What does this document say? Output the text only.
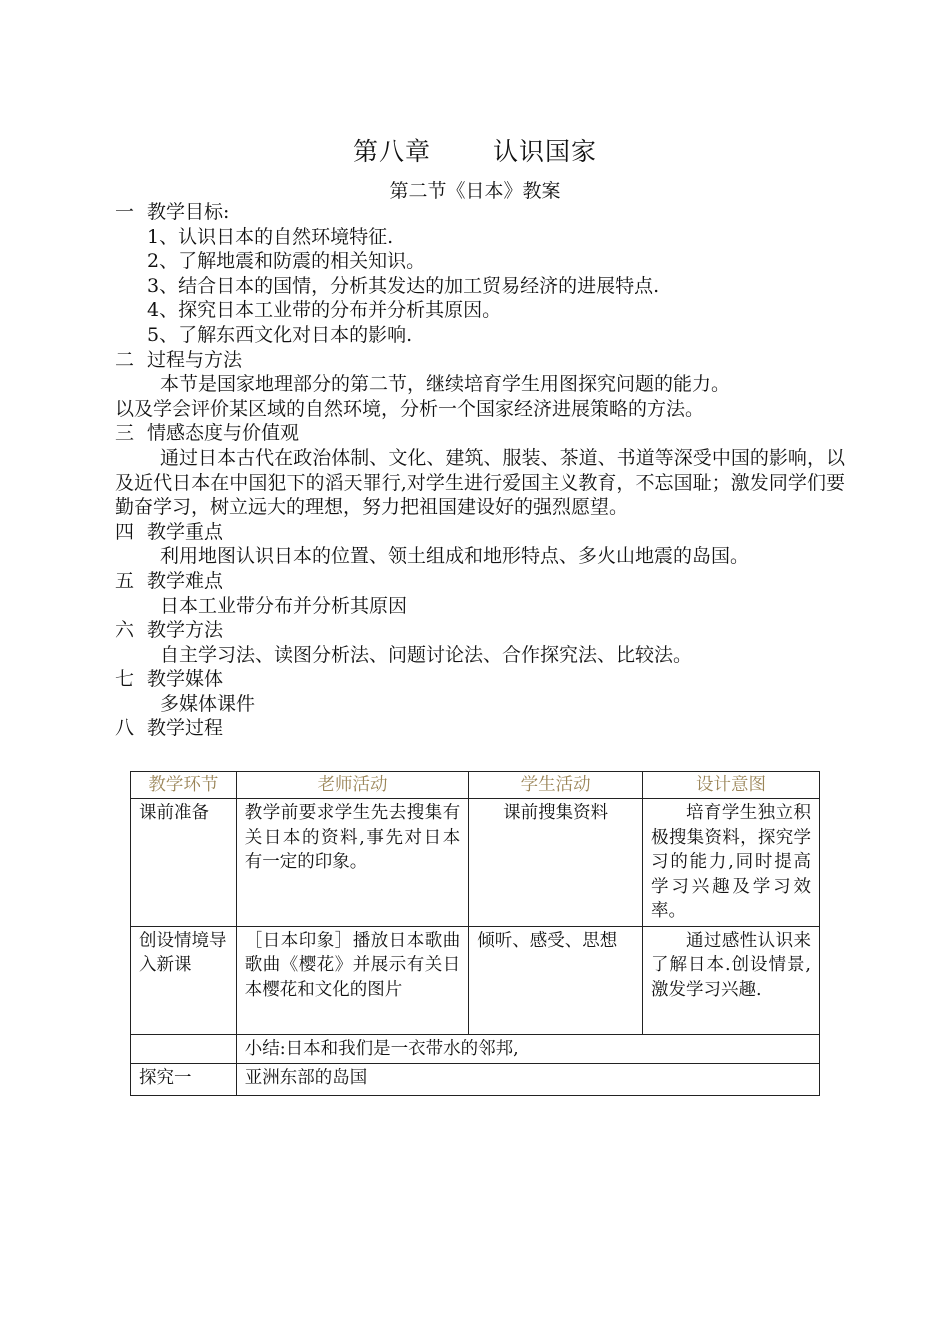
第八章 认识国家
第二节《日本》教案

一 教学目标:

1、认识日本的自然环境特征.

2、了解地震和防震的相关知识。

3、结合日本的国情，分析其发达的加工贸易经济的进展特点.

4、探究日本工业带的分布并分析其原因。

5、了解东西文化对日本的影响.

二 过程与方法

本节是国家地理部分的第二节，继续培育学生用图探究问题的能力。

以及学会评价某区域的自然环境，分析一个国家经济进展策略的方法。

三 情感态度与价值观

通过日本古代在政治体制、文化、建筑、服装、茶道、书道等深受中国的影响，以及近代日本在中国犯下的滔天罪行,对学生进行爱国主义教育，不忘国耻；激发同学们要勤奋学习，树立远大的理想，努力把祖国建设好的强烈愿望。

四 教学重点

利用地图认识日本的位置、领土组成和地形特点、多火山地震的岛国。

五 教学难点

日本工业带分布并分析其原因

六 教学方法

自主学习法、读图分析法、问题讨论法、合作探究法、比较法。

七 教学媒体

多媒体课件

八 教学过程

教学环节	老师活动	学生活动	设计意图
课前准备	教学前要求学生先去搜集有关日本的资料,事先对日本有一定的印象。	课前搜集资料	培育学生独立积极搜集资料，探究学习的能力,同时提高学习兴趣及学习效率。
创设情境导入新课	［日本印象］播放日本歌曲歌曲《樱花》并展示有关日本樱花和文化的图片	倾听、感受、思想	通过感性认识来了解日本.创设情景,激发学习兴趣.
	小结:日本和我们是一衣带水的邻邦,		
探究一	亚洲东部的岛国		
